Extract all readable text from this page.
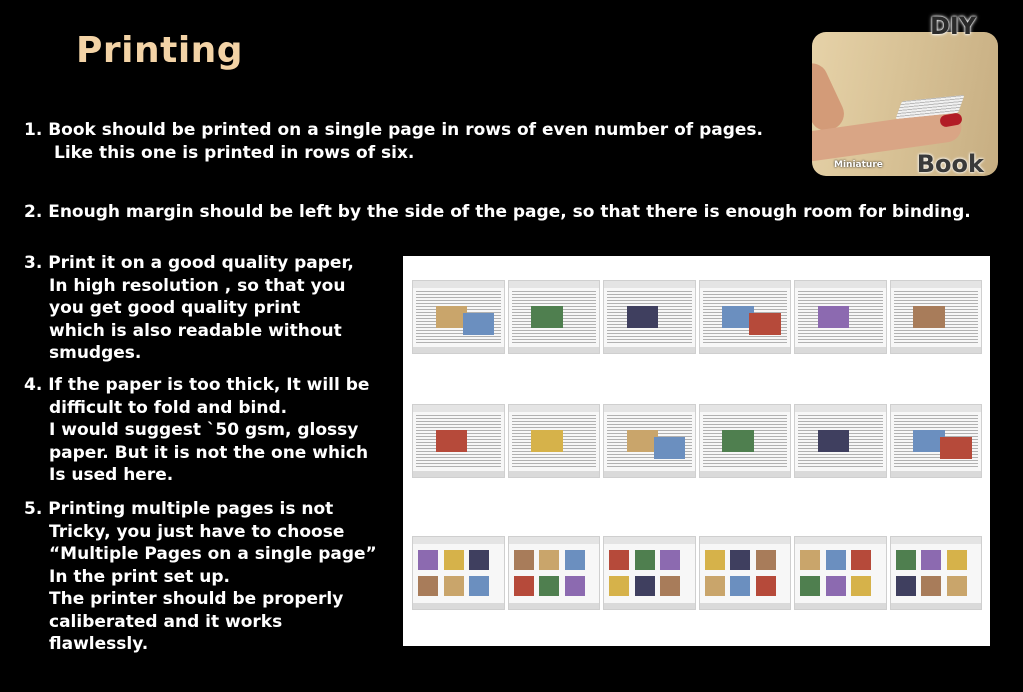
Printing
Miniature Book
DIY
1. Book should be printed on a single page in rows of even number of pages.
Like this one is printed in rows of six.
2. Enough margin should be left by the side of the page, so that there is enough room for binding.
3. Print it on a good quality paper,
In high resolution , so that you
you get good quality print
which is also readable without
smudges.
4. If the paper is too thick, It will be
difficult to fold and bind.
I would suggest `50 gsm, glossy
paper. But it is not the one which
Is used here.
5. Printing multiple pages is not
Tricky, you just have to choose
“Multiple Pages on a single page”
In the print set up.
The printer should be properly
caliberated and it works
flawlessly.
